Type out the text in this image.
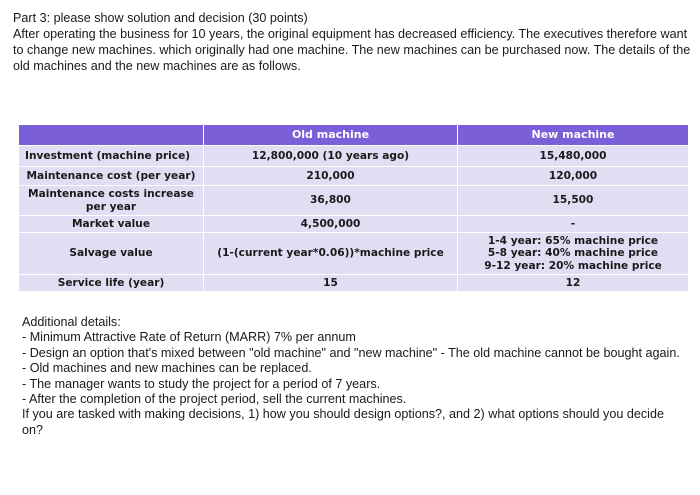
Part 3: please show solution and decision (30 points)

After operating the business for 10 years, the original equipment has decreased efficiency. The executives therefore want to change new machines. which originally had one machine. The new machines can be purchased now. The details of the old machines and the new machines are as follows.

	Old machine	New machine
Investment (machine price)	12,800,000 (10 years ago)	15,480,000
Maintenance cost (per year)	210,000	120,000
Maintenance costs increase per year	36,800	15,500
Market value	4,500,000	-
Salvage value	(1-(current year*0.06))*machine price	1-4 year: 65% machine price
5-8 year: 40% machine price
9-12 year: 20% machine price

Service life (year)	15	12

Additional details:

- Minimum Attractive Rate of Return (MARR) 7% per annum

- Design an option that's mixed between "old machine" and "new machine" - The old machine cannot be bought again.

- Old machines and new machines can be replaced.

- The manager wants to study the project for a period of 7 years.

- After the completion of the project period, sell the current machines.

If you are tasked with making decisions, 1) how you should design options?, and 2) what options should you decide on?
